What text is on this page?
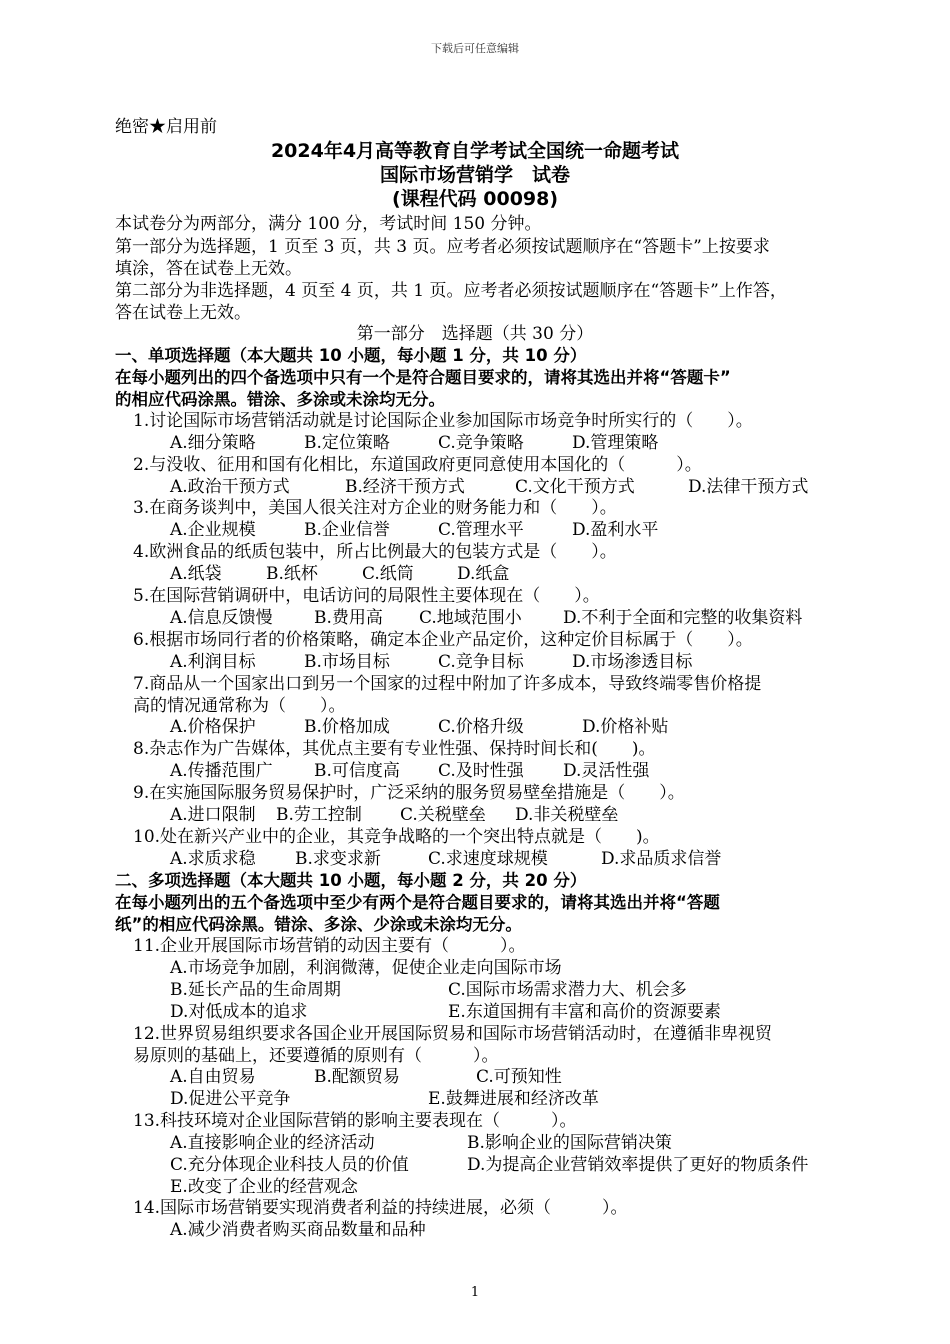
下载后可任意编辑
绝密★启用前
2024年4月高等教育自学考试全国统一命题考试
国际市场营销学　试卷
(课程代码 00098)
本试卷分为两部分，满分 100 分，考试时间 150 分钟。
第一部分为选择题，1 页至 3 页，共 3 页。应考者必须按试题顺序在“答题卡”上按要求
填涂，答在试卷上无效。
第二部分为非选择题，4 页至 4 页，共 1 页。应考者必须按试题顺序在“答题卡”上作答，
答在试卷上无效。
第一部分　选择题（共 30 分）
一、单项选择题（本大题共 10 小题，每小题 1 分，共 10 分）
在每小题列出的四个备选项中只有一个是符合题目要求的，请将其选出并将“答题卡”
的相应代码涂黑。错涂、多涂或未涂均无分。
1.讨论国际市场营销活动就是讨论国际企业参加国际市场竞争时所实行的（　　）。
A.细分策略	B.定位策略	C.竞争策略	D.管理策略
2.与没收、征用和国有化相比，东道国政府更同意使用本国化的（　　　）。
A.政治干预方式	B.经济干预方式	C.文化干预方式	D.法律干预方式
3.在商务谈判中，美国人很关注对方企业的财务能力和（　　）。
A.企业规模	B.企业信誉	C.管理水平	D.盈利水平
4.欧洲食品的纸质包装中，所占比例最大的包装方式是（　　）。
A.纸袋	B.纸杯	C.纸筒	D.纸盒
5.在国际营销调研中，电话访问的局限性主要体现在（　　）。
A.信息反馈慢 B.费用高 C.地域范围小 D.不利于全面和完整的收集资料
6.根据市场同行者的价格策略，确定本企业产品定价，这种定价目标属于（　　）。
A.利润目标	B.市场目标	C.竞争目标	D.市场渗透目标
7.商品从一个国家出口到另一个国家的过程中附加了许多成本，导致终端零售价格提
高的情况通常称为（　　）。
A.价格保护	B.价格加成	C.价格升级	D.价格补贴
8.杂志作为广告媒体，其优点主要有专业性强、保持时间长和(　　)。
A.传播范围广 B.可信度高 C.及时性强 D.灵活性强
9.在实施国际服务贸易保护时，广泛采纳的服务贸易壁垒措施是（　　）。
A.进口限制 B.劳工控制 C.关税壁垒 D.非关税壁垒
10.处在新兴产业中的企业，其竞争战略的一个突出特点就是（　　)。
A.求质求稳 B.求变求新	C.求速度球规模	D.求品质求信誉
二、多项选择题（本大题共 10 小题，每小题 2 分，共 20 分）
在每小题列出的五个备选项中至少有两个是符合题目要求的，请将其选出并将“答题
纸”的相应代码涂黑。错涂、多涂、少涂或未涂均无分。
11.企业开展国际市场营销的动因主要有（　　　）。
A.市场竞争加剧，利润微薄，促使企业走向国际市场
B.延长产品的生命周期	C.国际市场需求潜力大、机会多
D.对低成本的追求	E.东道国拥有丰富和高价的资源要素
12.世界贸易组织要求各国企业开展国际贸易和国际市场营销活动时，在遵循非卑视贸
易原则的基础上，还要遵循的原则有（　　　）。
A.自由贸易	B.配额贸易	C.可预知性
D.促进公平竞争	E.鼓舞进展和经济改革
13.科技环境对企业国际营销的影响主要表现在（　　　）。
A.直接影响企业的经济活动	B.影响企业的国际营销决策
C.充分体现企业科技人员的价值	D.为提高企业营销效率提供了更好的物质条件
E.改变了企业的经营观念
14.国际市场营销要实现消费者利益的持续进展，必须（　　　）。
A.减少消费者购买商品数量和品种
1
